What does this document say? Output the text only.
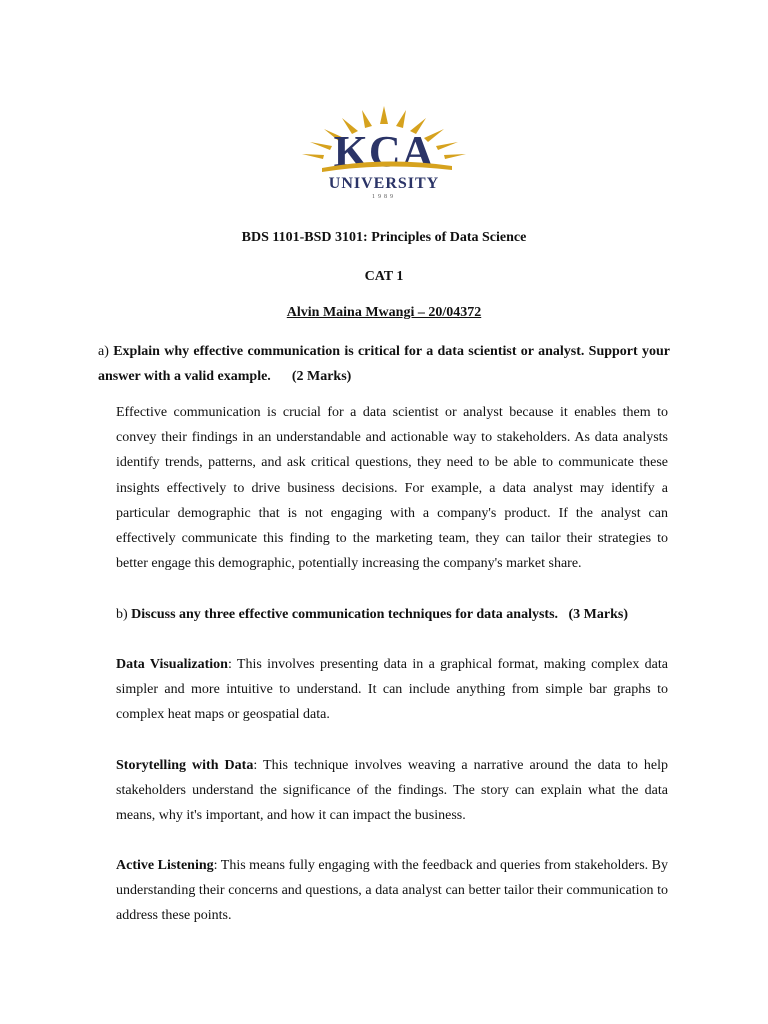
KCA
UNIVERSITY
1989
BDS 1101-BSD 3101: Principles of Data Science
CAT 1
Alvin Maina Mwangi – 20/04372
a) Explain why effective communication is critical for a data scientist or analyst. Support your answer with a valid example. (2 Marks)

Effective communication is crucial for a data scientist or analyst because it enables them to convey their findings in an understandable and actionable way to stakeholders. As data analysts identify trends, patterns, and ask critical questions, they need to be able to communicate these insights effectively to drive business decisions. For example, a data analyst may identify a particular demographic that is not engaging with a company's product. If the analyst can effectively communicate this finding to the marketing team, they can tailor their strategies to better engage this demographic, potentially increasing the company's market share.

b) Discuss any three effective communication techniques for data analysts. (3 Marks)

Data Visualization: This involves presenting data in a graphical format, making complex data simpler and more intuitive to understand. It can include anything from simple bar graphs to complex heat maps or geospatial data.

Storytelling with Data: This technique involves weaving a narrative around the data to help stakeholders understand the significance of the findings. The story can explain what the data means, why it's important, and how it can impact the business.

Active Listening: This means fully engaging with the feedback and queries from stakeholders. By understanding their concerns and questions, a data analyst can better tailor their communication to address these points.
